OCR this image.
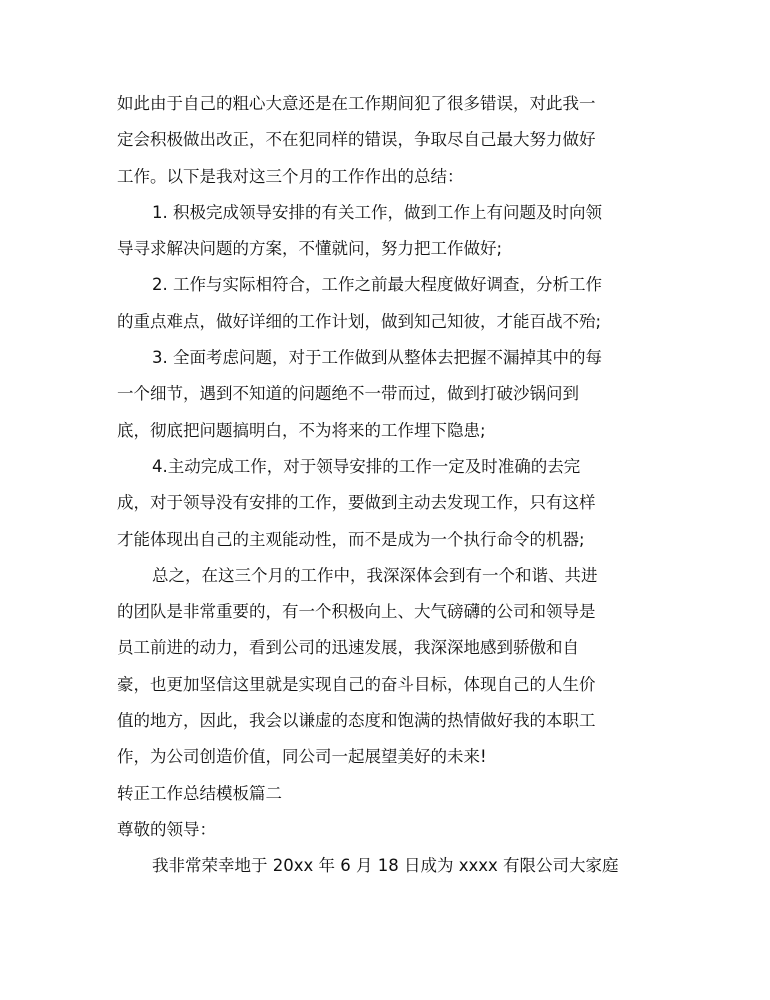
如此由于自己的粗心大意还是在工作期间犯了很多错误，对此我一
定会积极做出改正，不在犯同样的错误，争取尽自己最大努力做好
工作。以下是我对这三个月的工作作出的总结：
1. 积极完成领导安排的有关工作，做到工作上有问题及时向领
导寻求解决问题的方案，不懂就问，努力把工作做好;
2. 工作与实际相符合，工作之前最大程度做好调查，分析工作
的重点难点，做好详细的工作计划，做到知己知彼，才能百战不殆;
3. 全面考虑问题，对于工作做到从整体去把握不漏掉其中的每
一个细节，遇到不知道的问题绝不一带而过，做到打破沙锅问到
底，彻底把问题搞明白，不为将来的工作埋下隐患;
4.主动完成工作，对于领导安排的工作一定及时准确的去完
成，对于领导没有安排的工作，要做到主动去发现工作，只有这样
才能体现出自己的主观能动性，而不是成为一个执行命令的机器;
总之，在这三个月的工作中，我深深体会到有一个和谐、共进
的团队是非常重要的，有一个积极向上、大气磅礴的公司和领导是
员工前进的动力，看到公司的迅速发展，我深深地感到骄傲和自
豪，也更加坚信这里就是实现自己的奋斗目标，体现自己的人生价
值的地方，因此，我会以谦虚的态度和饱满的热情做好我的本职工
作，为公司创造价值，同公司一起展望美好的未来!
转正工作总结模板篇二
尊敬的领导：
我非常荣幸地于 20xx 年 6 月 18 日成为 xxxx 有限公司大家庭
